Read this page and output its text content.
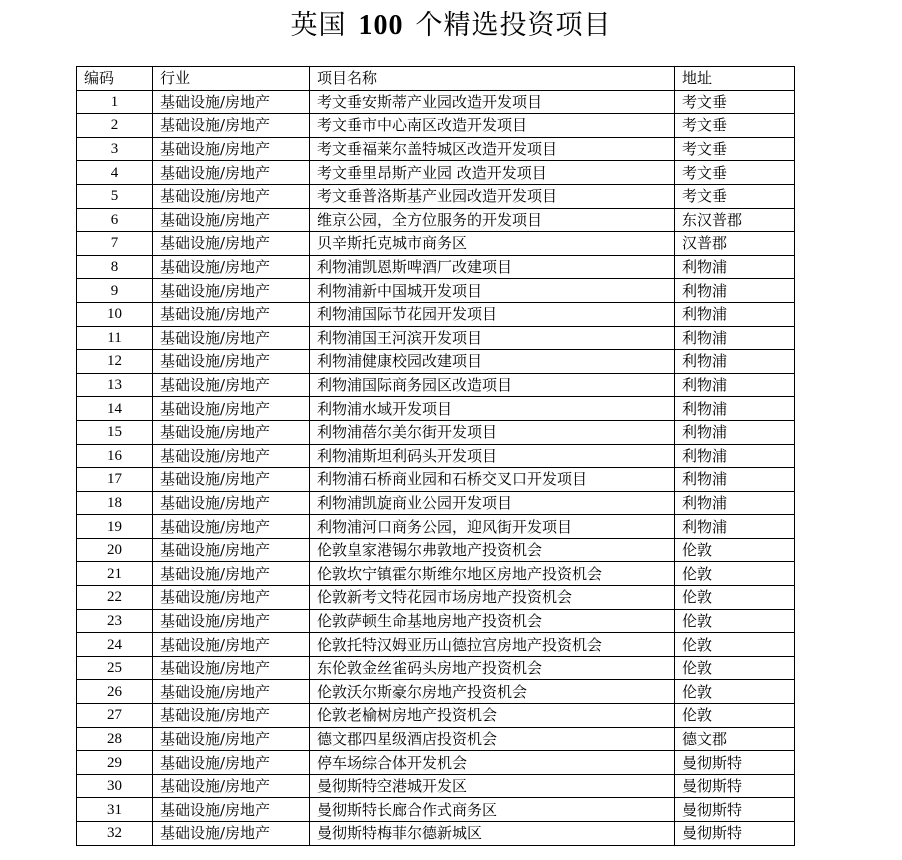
英国 100 个精选投资项目
编码	行业	项目名称	地址
1	基础设施/房地产	考文垂安斯蒂产业园改造开发项目	考文垂
2	基础设施/房地产	考文垂市中心南区改造开发项目	考文垂
3	基础设施/房地产	考文垂福莱尔盖特城区改造开发项目	考文垂
4	基础设施/房地产	考文垂里昂斯产业园 改造开发项目	考文垂
5	基础设施/房地产	考文垂普洛斯基产业园改造开发项目	考文垂
6	基础设施/房地产	维京公园，全方位服务的开发项目	东汉普郡
7	基础设施/房地产	贝辛斯托克城市商务区	汉普郡
8	基础设施/房地产	利物浦凯恩斯啤酒厂改建项目	利物浦
9	基础设施/房地产	利物浦新中国城开发项目	利物浦
10	基础设施/房地产	利物浦国际节花园开发项目	利物浦
11	基础设施/房地产	利物浦国王河滨开发项目	利物浦
12	基础设施/房地产	利物浦健康校园改建项目	利物浦
13	基础设施/房地产	利物浦国际商务园区改造项目	利物浦
14	基础设施/房地产	利物浦水域开发项目	利物浦
15	基础设施/房地产	利物浦蓓尔美尔街开发项目	利物浦
16	基础设施/房地产	利物浦斯坦利码头开发项目	利物浦
17	基础设施/房地产	利物浦石桥商业园和石桥交叉口开发项目	利物浦
18	基础设施/房地产	利物浦凯旋商业公园开发项目	利物浦
19	基础设施/房地产	利物浦河口商务公园，迎风街开发项目	利物浦
20	基础设施/房地产	伦敦皇家港锡尔弗敦地产投资机会	伦敦
21	基础设施/房地产	伦敦坎宁镇霍尔斯维尔地区房地产投资机会	伦敦
22	基础设施/房地产	伦敦新考文特花园市场房地产投资机会	伦敦
23	基础设施/房地产	伦敦萨顿生命基地房地产投资机会	伦敦
24	基础设施/房地产	伦敦托特汉姆亚历山德拉宫房地产投资机会	伦敦
25	基础设施/房地产	东伦敦金丝雀码头房地产投资机会	伦敦
26	基础设施/房地产	伦敦沃尔斯豪尔房地产投资机会	伦敦
27	基础设施/房地产	伦敦老榆树房地产投资机会	伦敦
28	基础设施/房地产	德文郡四星级酒店投资机会	德文郡
29	基础设施/房地产	停车场综合体开发机会	曼彻斯特
30	基础设施/房地产	曼彻斯特空港城开发区	曼彻斯特
31	基础设施/房地产	曼彻斯特长廊合作式商务区	曼彻斯特
32	基础设施/房地产	曼彻斯特梅菲尔德新城区	曼彻斯特
